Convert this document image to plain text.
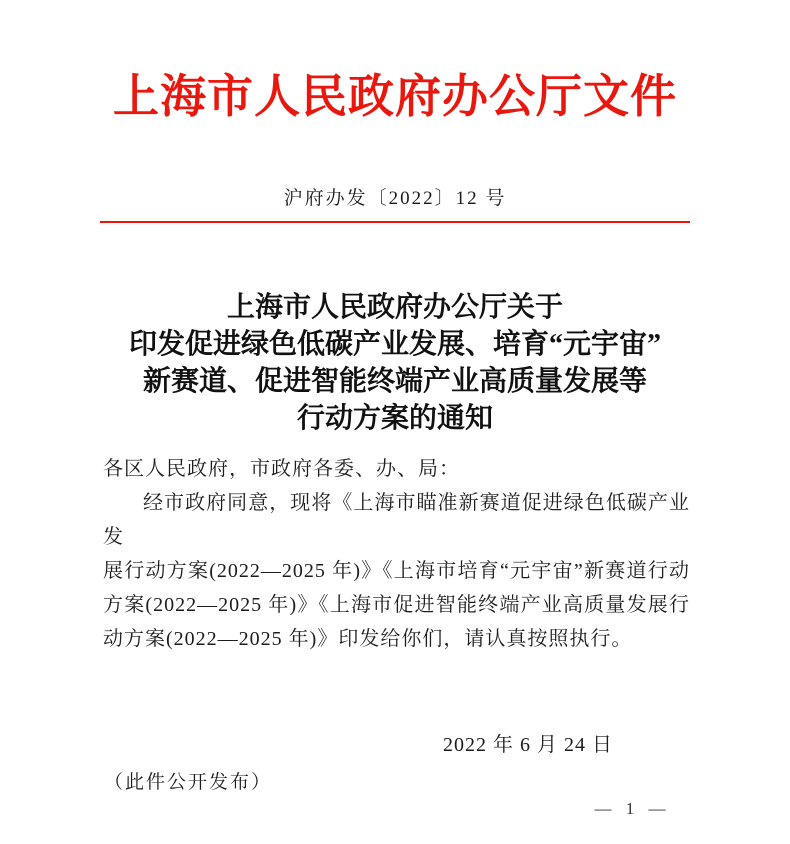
上海市人民政府办公厅文件
沪府办发〔2022〕12 号
上海市人民政府办公厅关于
印发促进绿色低碳产业发展、培育“元宇宙”
新赛道、促进智能终端产业高质量发展等
行动方案的通知
各区人民政府，市政府各委、办、局：
经市政府同意，现将《上海市瞄准新赛道促进绿色低碳产业发
展行动方案(2022—2025 年)》《上海市培育“元宇宙”新赛道行动
方案(2022—2025 年)》《上海市促进智能终端产业高质量发展行
动方案(2022—2025 年)》印发给你们，请认真按照执行。
2022 年 6 月 24 日
（此件公开发布）
— 1 —
